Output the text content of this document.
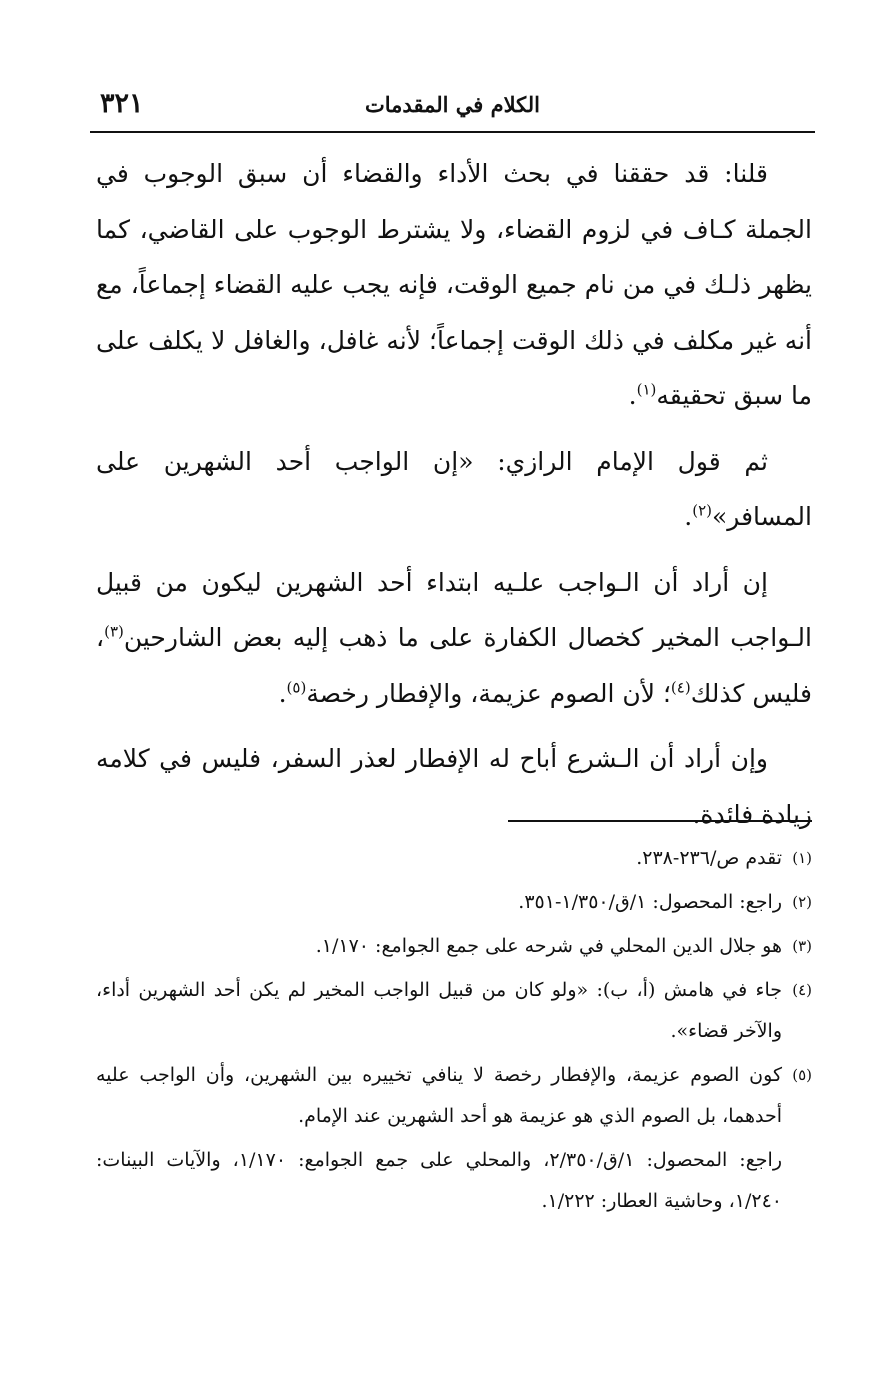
٣٢١	الكلام في المقدمات

قلنا: قد حققنا في بحث الأداء والقضاء أن سبق الوجوب في الجملة كـاف في لزوم القضاء، ولا يشترط الوجوب على القاضي، كما يظهر ذلـك في من نام جميع الوقت، فإنه يجب عليه القضاء إجماعاً، مع أنه غير مكلف في ذلك الوقت إجماعاً؛ لأنه غافل، والغافل لا يكلف على ما سبق تحقيقه$^{(١)}$.

ثم قول الإمام الرازي: «إن الواجب أحد الشهرين على المسافر»$^{(٢)}$.

إن أراد أن الـواجب علـيه ابتداء أحد الشهرين ليكون من قبيل الـواجب المخير كخصال الكفارة على ما ذهب إليه بعض الشارحين$^{(٣)}$، فليس كذلك$^{(٤)}$؛ لأن الصوم عزيمة، والإفطار رخصة$^{(٥)}$.

وإن أراد أن الـشرع أباح له الإفطار لعذر السفر، فليس في كلامه زيادة فائدة.

(١)
تقدم ص/٢٣٦-٢٣٨.
(٢)
راجع: المحصول: ١/ق/١/٣٥٠-٣٥١.
(٣)
هو جلال الدين المحلي في شرحه على جمع الجوامع: ١/١٧٠.
(٤)
جاء في هامش (أ، ب): «ولو كان من قبيل الواجب المخير لم يكن أحد الشهرين أداء، والآخر قضاء».
(٥)
كون الصوم عزيمة، والإفطار رخصة لا ينافي تخييره بين الشهرين، وأن الواجب عليه أحدهما، بل الصوم الذي هو عزيمة هو أحد الشهرين عند الإمام.
راجع: المحصول: ١/ق/٢/٣٥٠، والمحلي على جمع الجوامع: ١/١٧٠، والآيات البينات: ١/٢٤٠، وحاشية العطار: ١/٢٢٢.
